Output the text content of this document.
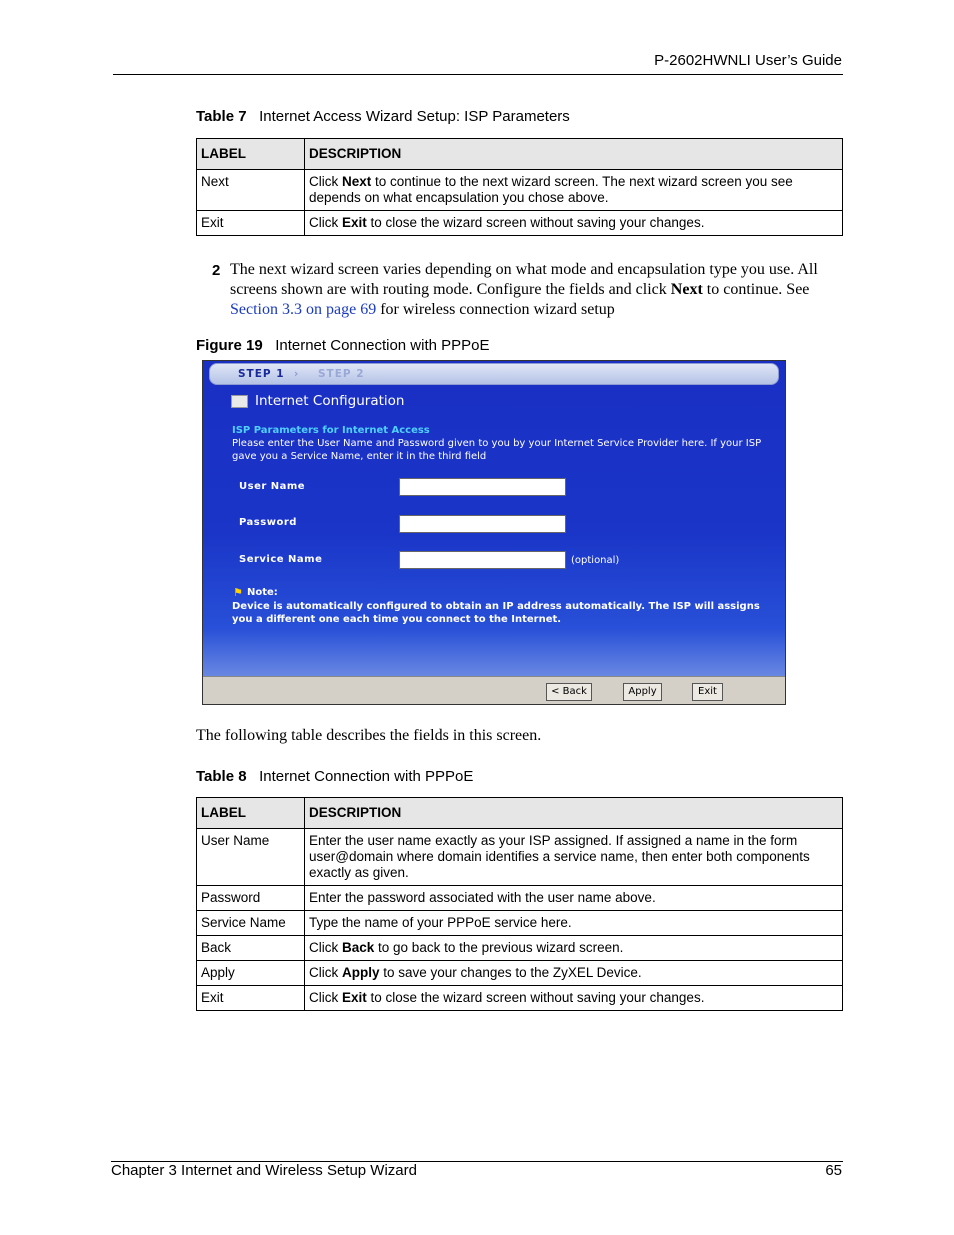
P-2602HWNLI User’s Guide
Table 7 Internet Access Wizard Setup: ISP Parameters
LABEL	DESCRIPTION
Next	Click Next to continue to the next wizard screen. The next wizard screen you see depends on what encapsulation you chose above.
Exit	Click Exit to close the wizard screen without saving your changes.
2 The next wizard screen varies depending on what mode and encapsulation type you use. All screens shown are with routing mode. Configure the fields and click Next to continue. See Section 3.3 on page 69 for wireless connection wizard setup
Figure 19 Internet Connection with PPPoE
STEP 1 › STEP 2
Internet Configuration
ISP Parameters for Internet Access
Please enter the User Name and Password given to you by your Internet Service Provider here. If your ISP gave you a Service Name, enter it in the third field
User Name
Password
Service Name	(optional)
⚑ Note:
Device is automatically configured to obtain an IP address automatically. The ISP will assigns you a different one each time you connect to the Internet.
< Back	Apply	Exit
The following table describes the fields in this screen.
Table 8 Internet Connection with PPPoE
LABEL	DESCRIPTION
User Name	Enter the user name exactly as your ISP assigned. If assigned a name in the form user@domain where domain identifies a service name, then enter both components exactly as given.
Password	Enter the password associated with the user name above.
Service Name	Type the name of your PPPoE service here.
Back	Click Back to go back to the previous wizard screen.
Apply	Click Apply to save your changes to the ZyXEL Device.
Exit	Click Exit to close the wizard screen without saving your changes.
Chapter 3 Internet and Wireless Setup Wizard	65
